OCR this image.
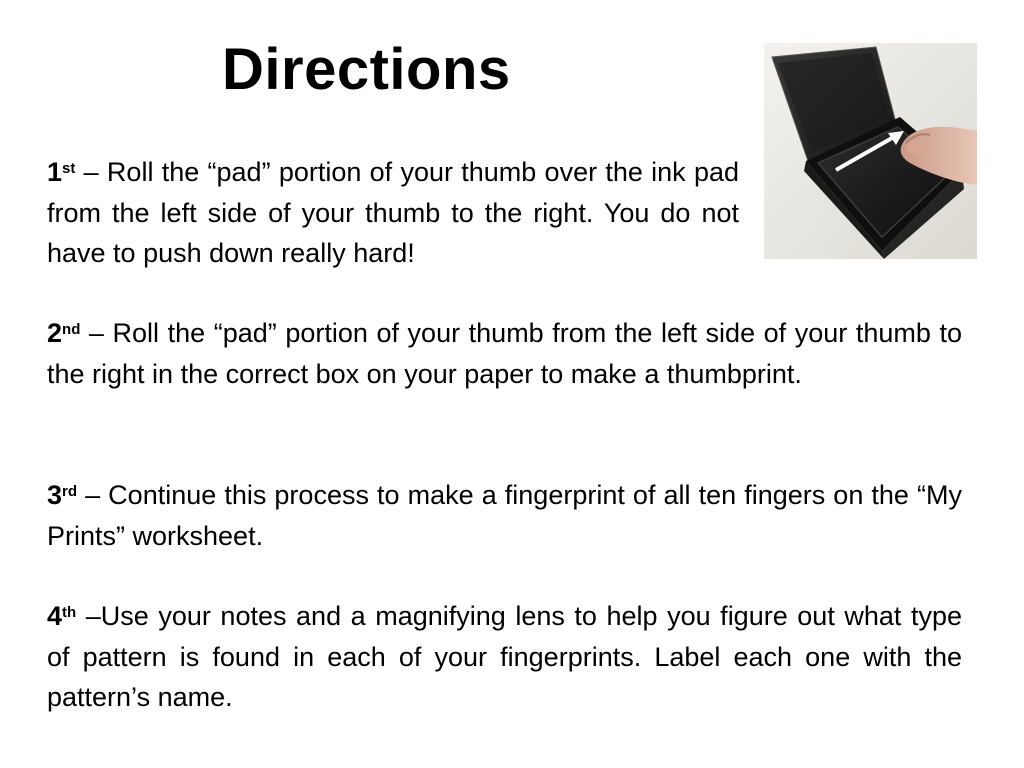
Directions

1st – Roll the “pad” portion of your thumb over the ink pad from the left side of your thumb to the right. You do not have to push down really hard!

2nd – Roll the “pad” portion of your thumb from the left side of your thumb to the right in the correct box on your paper to make a thumbprint.

3rd – Continue this process to make a fingerprint of all ten fingers on the “My Prints” worksheet.

4th –Use your notes and a magnifying lens to help you figure out what type of pattern is found in each of your fingerprints. Label each one with the pattern’s name.
